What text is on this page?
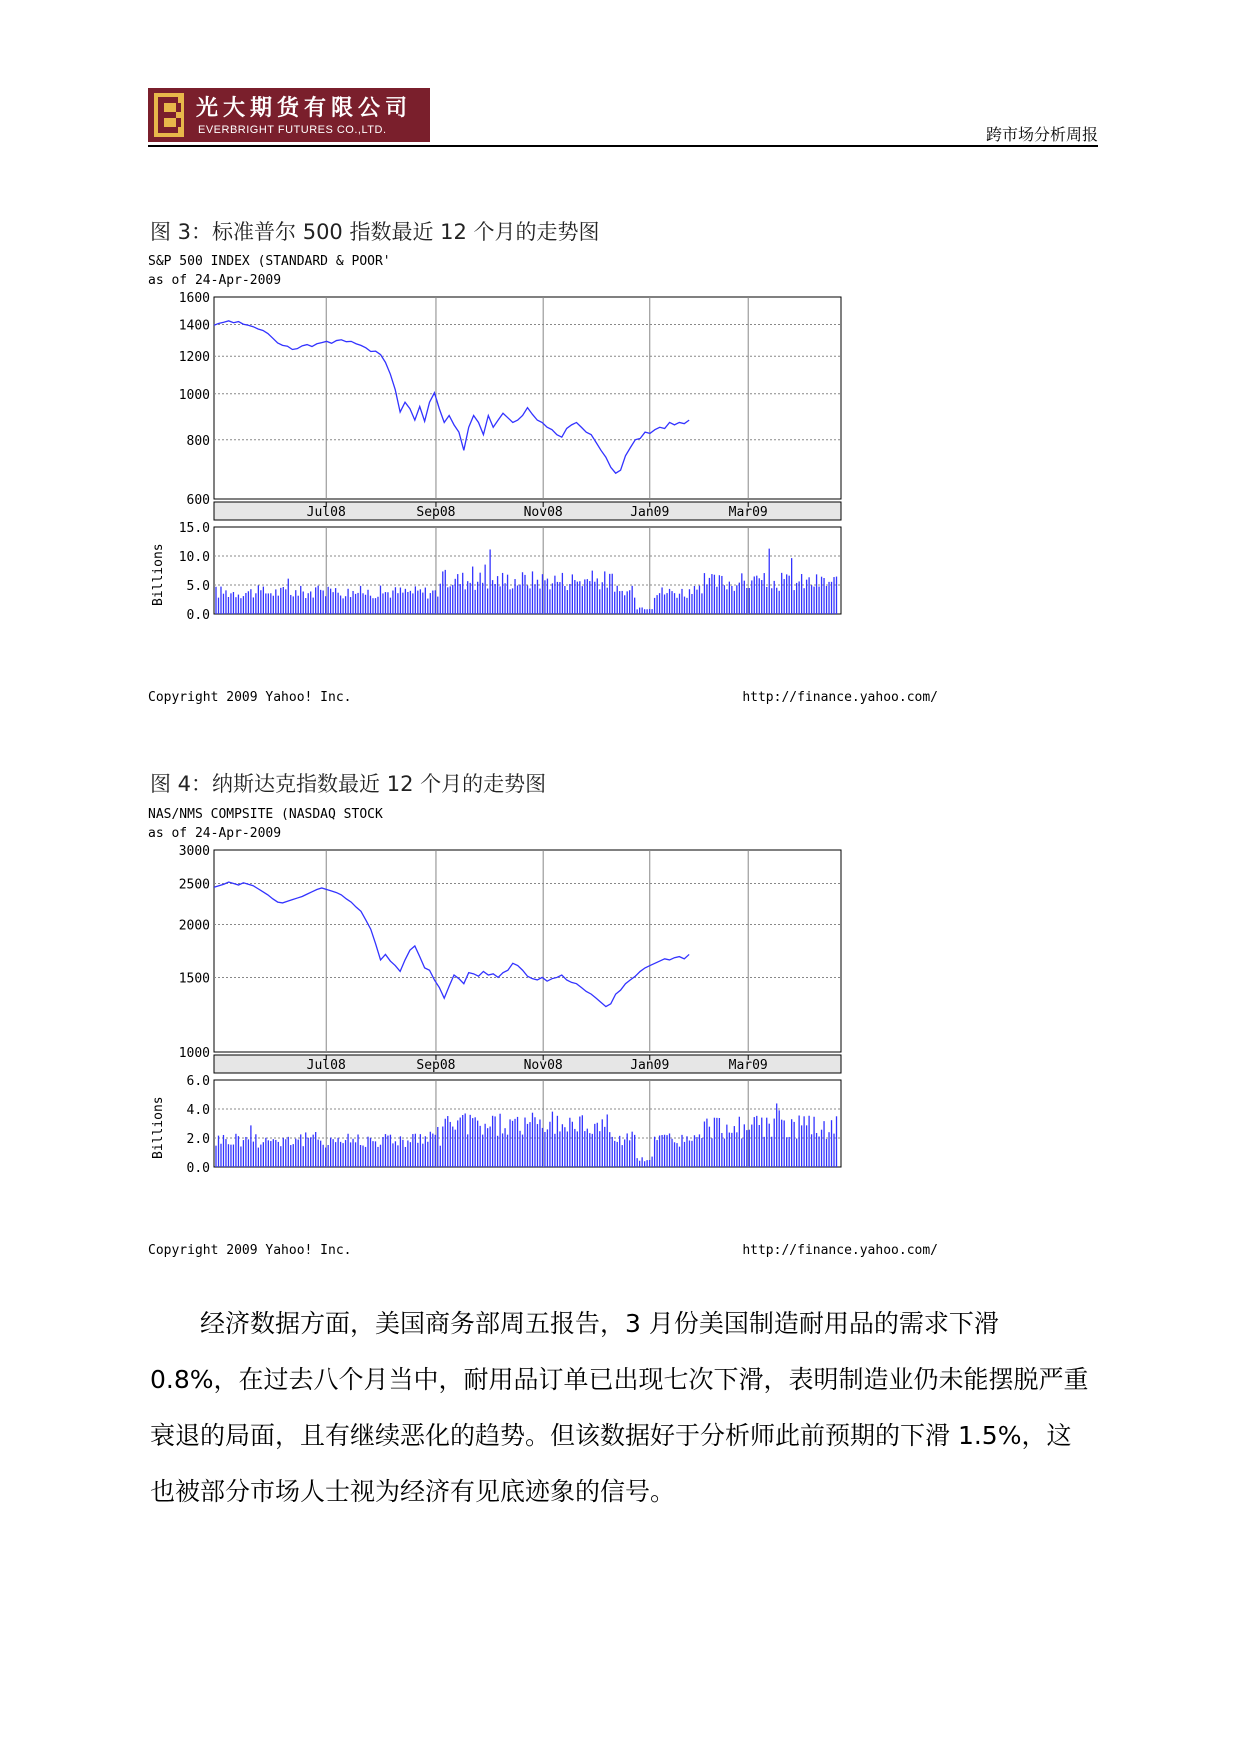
光大期货有限公司
EVERBRIGHT FUTURES CO.,LTD.	跨市场分析周报
图 3：标准普尔 500 指数最近 12 个月的走势图
S&P 500 INDEX (STANDARD & POOR'
as of 24-Apr-2009
1600
1400
1200
1000
800
600
Jul08	Sep08	Nov08	Jan09	Mar09
15.0
10.0
5.0
0.0
Billions
Copyright 2009 Yahoo! Inc.	http://finance.yahoo.com/
图 4：纳斯达克指数最近 12 个月的走势图
NAS/NMS COMPSITE (NASDAQ STOCK
as of 24-Apr-2009
3000
2500
2000
1500
1000
Jul08	Sep08	Nov08	Jan09	Mar09
6.0
4.0
2.0
0.0
Billions
Copyright 2009 Yahoo! Inc.	http://finance.yahoo.com/

经济数据方面，美国商务部周五报告，3 月份美国制造耐用品的需求下滑 0.8%，在过去八个月当中，耐用品订单已出现七次下滑，表明制造业仍未能摆脱严重衰退的局面，且有继续恶化的趋势。但该数据好于分析师此前预期的下滑 1.5%，这也被部分市场人士视为经济有见底迹象的信号。
